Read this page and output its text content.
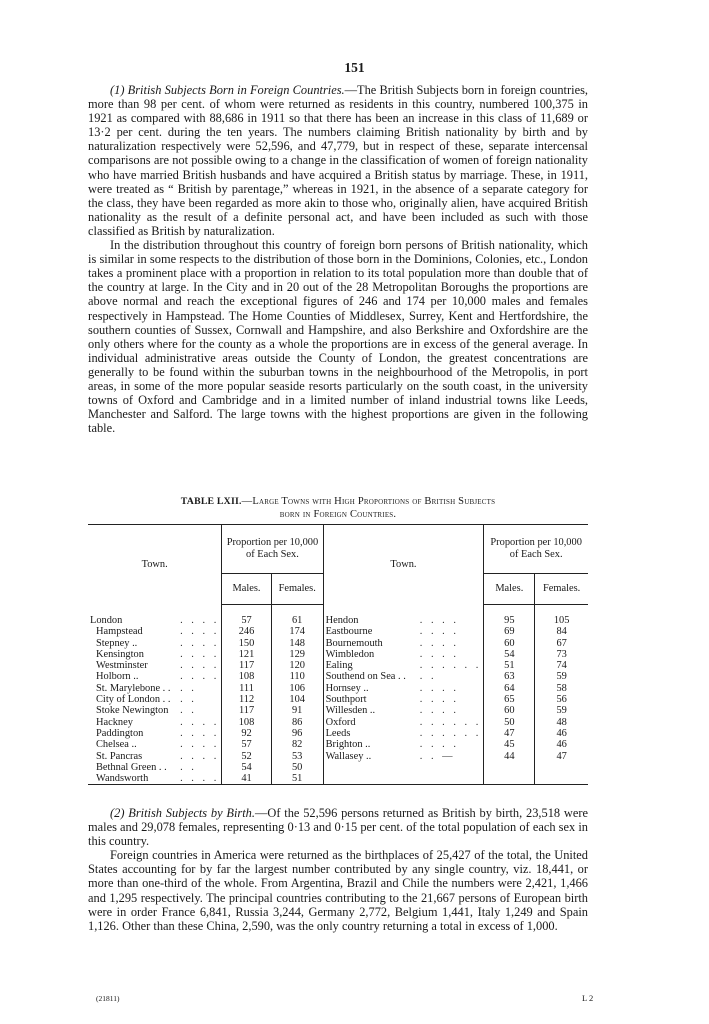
151

(1) British Subjects Born in Foreign Countries.—The British Subjects born in foreign countries, more than 98 per cent. of whom were returned as residents in this country, numbered 100,375 in 1921 as compared with 88,686 in 1911 so that there has been an increase in this class of 11,689 or 13·2 per cent. during the ten years. The numbers claiming British nationality by birth and by naturalization respectively were 52,596, and 47,779, but in respect of these, separate intercensal comparisons are not possible owing to a change in the classification of women of foreign nationality who have married British husbands and have acquired a British status by marriage. These, in 1911, were treated as “ British by parentage,” whereas in 1921, in the absence of a separate category for the class, they have been regarded as more akin to those who, originally alien, have acquired British nationality as the result of a definite personal act, and have been included as such with those classified as British by naturalization.

In the distribution throughout this country of foreign born persons of British nationality, which is similar in some respects to the distribution of those born in the Dominions, Colonies, etc., London takes a prominent place with a proportion in relation to its total population more than double that of the country at large. In the City and in 20 out of the 28 Metropolitan Boroughs the proportions are above normal and reach the exceptional figures of 246 and 174 per 10,000 males and females respectively in Hampstead. The Home Counties of Middlesex, Surrey, Kent and Hertfordshire, the southern counties of Sussex, Cornwall and Hampshire, and also Berkshire and Oxfordshire are the only others where for the county as a whole the proportions are in excess of the general average. In individual administrative areas outside the County of London, the greatest concentrations are generally to be found within the suburban towns in the neighbourhood of the Metropolis, in port areas, in some of the more popular seaside resorts particularly on the south coast, in the university towns of Oxford and Cambridge and in a limited number of inland industrial towns like Leeds, Manchester and Salford. The large towns with the highest proportions are given in the following table.

TABLE LXII.—Large Towns with High Proportions of British Subjects
born in Foreign Countries.
Town.		Proportion per 10,000 of Each Sex.		Town.		Proportion per 10,000 of Each Sex.	
		Males.	Females.			Males.	Females.

London	. . . .	57	61	Hendon	. . . .	95	105
Hampstead	. . . .	246	174	Eastbourne	. . . .	69	84
Stepney ..	. . . .	150	148	Bournemouth	. . . .	60	67
Kensington	. . . .	121	129	Wimbledon	. . . .	54	73
Westminster	. . . .	117	120	Ealing	. . . . . .	51	74
Holborn ..	. . . .	108	110	Southend on Sea . .	. .	63	59
St. Marylebone . .	. .	111	106	Hornsey ..	. . . .	64	58
City of London . .	. .	112	104	Southport	. . . .	65	56
Stoke Newington	. .	117	91	Willesden ..	. . . .	60	59
Hackney	. . . .	108	86	Oxford	. . . . . .	50	48
Paddington	. . . .	92	96	Leeds	. . . . . .	47	46
Chelsea ..	. . . .	57	82	Brighton ..	. . . .	45	46
St. Pancras	. . . .	52	53	Wallasey ..	. . —	44	47
Bethnal Green . .	. .	54	50				
Wandsworth	. . . .	41	51				

(2) British Subjects by Birth.—Of the 52,596 persons returned as British by birth, 23,518 were males and 29,078 females, representing 0·13 and 0·15 per cent. of the total population of each sex in this country.

Foreign countries in America were returned as the birthplaces of 25,427 of the total, the United States accounting for by far the largest number contributed by any single country, viz. 18,441, or more than one-third of the whole. From Argentina, Brazil and Chile the numbers were 2,421, 1,466 and 1,295 respectively. The principal countries contributing to the 21,667 persons of European birth were in order France 6,841, Russia 3,244, Germany 2,772, Belgium 1,441, Italy 1,249 and Spain 1,126. Other than these China, 2,590, was the only country returning a total in excess of 1,000.

(21811)	L 2
